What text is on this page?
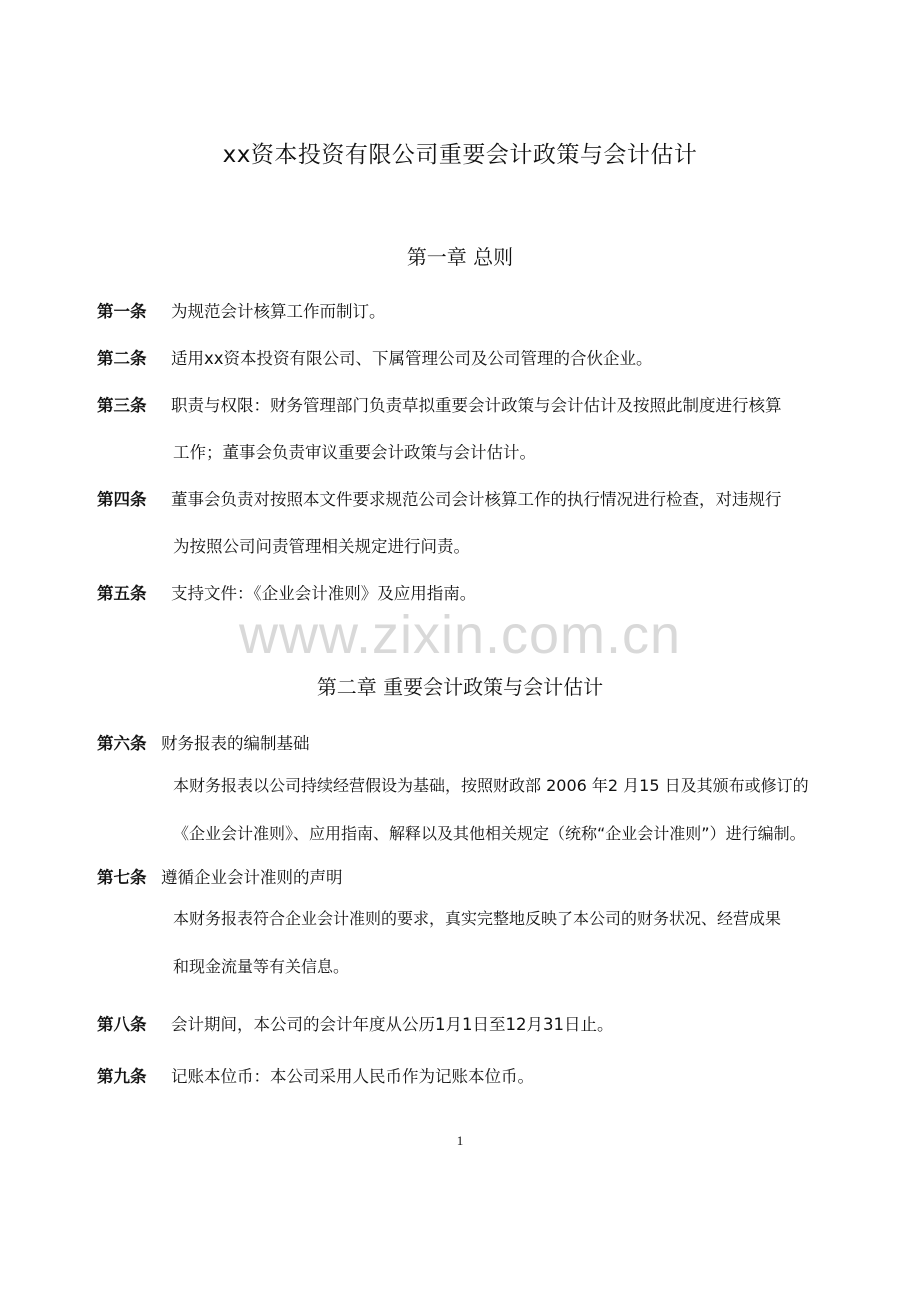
xx资本投资有限公司重要会计政策与会计估计
第一章 总则
第一条 为规范会计核算工作而制订。
第二条 适用xx资本投资有限公司、下属管理公司及公司管理的合伙企业。
第三条 职责与权限：财务管理部门负责草拟重要会计政策与会计估计及按照此制度进行核算
工作；董事会负责审议重要会计政策与会计估计。
第四条 董事会负责对按照本文件要求规范公司会计核算工作的执行情况进行检查，对违规行
为按照公司问责管理相关规定进行问责。
第五条 支持文件：《企业会计准则》及应用指南。
www.zixin.com.cn
第二章 重要会计政策与会计估计
第六条 财务报表的编制基础
本财务报表以公司持续经营假设为基础，按照财政部 2006 年2 月15 日及其颁布或修订的
《企业会计准则》、应用指南、解释以及其他相关规定（统称“企业会计准则”）进行编制。
第七条 遵循企业会计准则的声明
本财务报表符合企业会计准则的要求，真实完整地反映了本公司的财务状况、经营成果
和现金流量等有关信息。
第八条 会计期间，本公司的会计年度从公历1月1日至12月31日止。
第九条 记账本位币：本公司采用人民币作为记账本位币。
1
